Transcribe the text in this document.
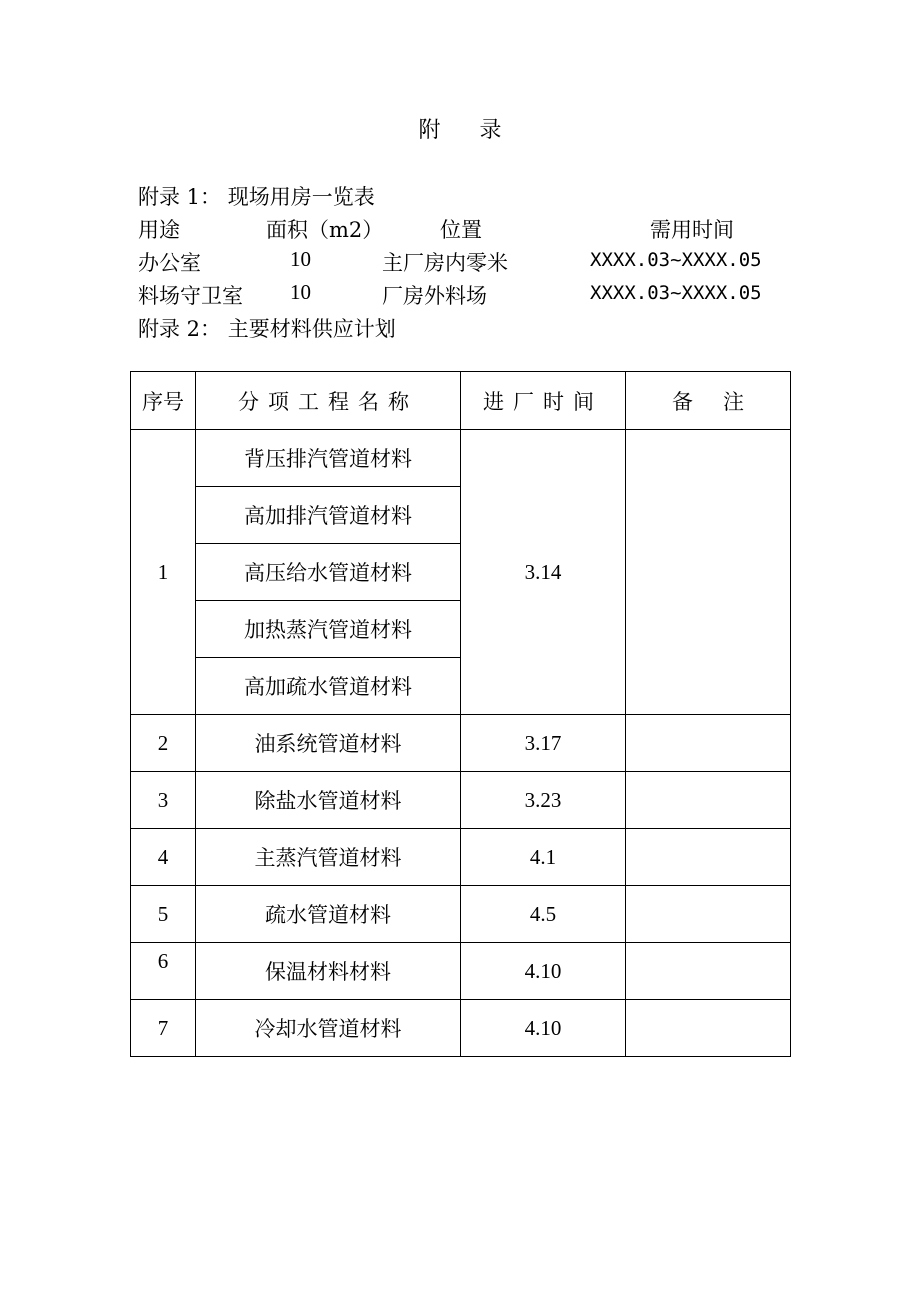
附 录
附录 1： 现场用房一览表
用途	面积（m2）	位置	需用时间
办公室	10	主厂房内零米	XXXX.03~XXXX.05
料场守卫室 10	厂房外料场	XXXX.03~XXXX.05
附录 2： 主要材料供应计划
序号	分项工程名称	进厂时间	备注
1	背压排汽管道材料	3.14	
	高加排汽管道材料		
	高压给水管道材料		
	加热蒸汽管道材料		
	高加疏水管道材料		
2	油系统管道材料	3.17	
3	除盐水管道材料	3.23	
4	主蒸汽管道材料	4.1	
5	疏水管道材料	4.5	
6	保温材料材料	4.10	
7	冷却水管道材料	4.10	
